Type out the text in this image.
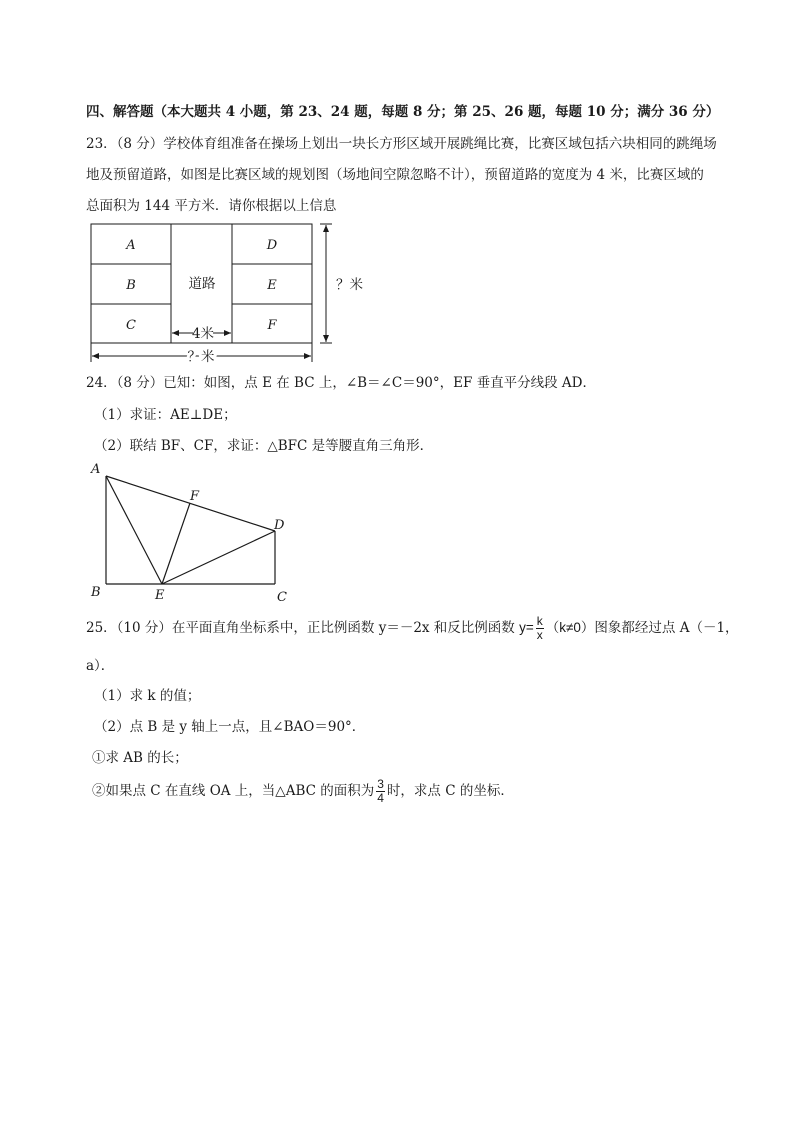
四、解答题（本大题共 4 小题，第 23、24 题，每题 8 分；第 25、26 题，每题 10 分；满分 36 分）
23．（8 分）学校体育组准备在操场上划出一块长方形区域开展跳绳比赛，比赛区域包括六块相同的跳绳场
地及预留道路，如图是比赛区域的规划图（场地间空隙忽略不计），预留道路的宽度为 4 米，比赛区域的
总面积为 144 平方米．请你根据以上信息
A
B
C
D
E
F
道路
4米
？米
？米
24．（8 分）已知：如图，点 E 在 BC 上，∠B＝∠C＝90°，EF 垂直平分线段 AD．
（1）求证：AE⊥DE；
（2）联结 BF、CF，求证：△BFC 是等腰直角三角形．
A
B	C
D
E
F
25．（10 分）在平面直角坐标系中，正比例函数 y＝－2x 和反比例函数 $y= \frac{k}{x} (k\ne 0)$图象都经过点 A（－1，
a）．
（1）求 k 的值；
（2）点 B 是 y 轴上一点，且∠BAO＝90°．
①求 AB 的长；
②如果点 C 在直线 OA 上，当△ABC 的面积为 $\frac{3}{4}$ 时，求点 C 的坐标．
